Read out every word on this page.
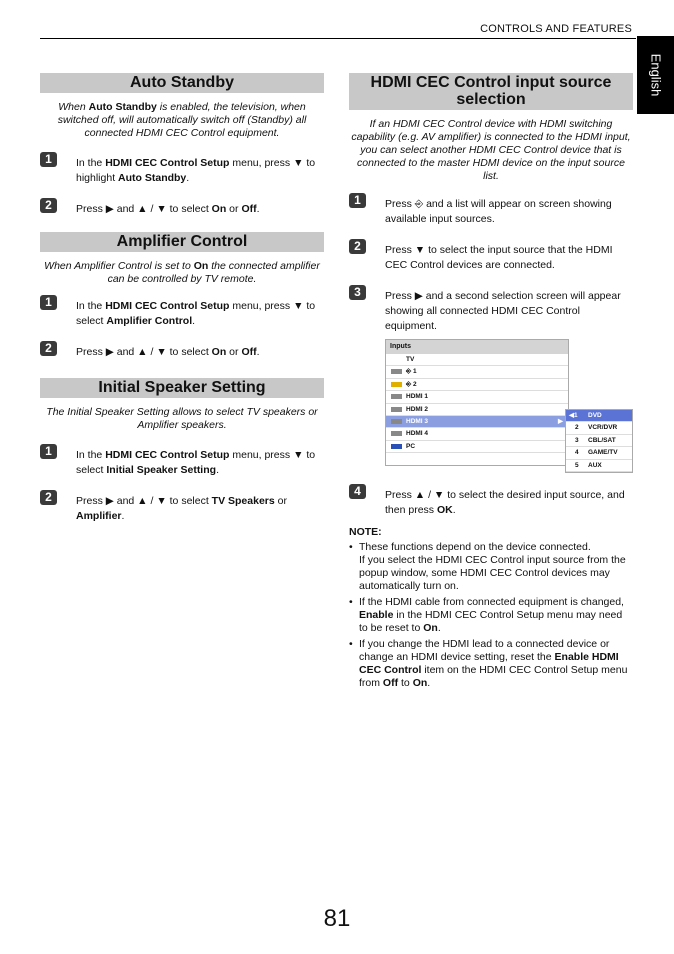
CONTROLS AND FEATURES
English
Auto Standby
When Auto Standby is enabled, the television, when switched off, will automatically switch off (Standby) all connected HDMI CEC Control equipment.
1	In the HDMI CEC Control Setup menu, press ▼ to highlight Auto Standby.
2	Press ▶ and ▲ / ▼ to select On or Off.
Amplifier Control
When Amplifier Control is set to On the connected amplifier can be controlled by TV remote.
1	In the HDMI CEC Control Setup menu, press ▼ to select Amplifier Control.
2	Press ▶ and ▲ / ▼ to select On or Off.
Initial Speaker Setting
The Initial Speaker Setting allows to select TV speakers or Amplifier speakers.
1	In the HDMI CEC Control Setup menu, press ▼ to select Initial Speaker Setting.
2	Press ▶ and ▲ / ▼ to select TV Speakers or Amplifier.
HDMI CEC Control input source selection
If an HDMI CEC Control device with HDMI switching capability (e.g. AV amplifier) is connected to the HDMI input, you can select another HDMI CEC Control device that is connected to the master HDMI device on the input source list.
1	Press ⎆ and a list will appear on screen showing available input sources.
2	Press ▼ to select the input source that the HDMI CEC Control devices are connected.
3	Press ▶ and a second selection screen will appear showing all connected HDMI CEC Control equipment.
Inputs
TV
⎆ 1
⎆ 2
HDMI 1
HDMI 2
HDMI 3	▶
HDMI 4
PC
◀1 DVD
2 VCR/DVR
3 CBL/SAT
4 GAME/TV
5 AUX
4	Press ▲ / ▼ to select the desired input source, and then press OK.
NOTE:
• These functions depend on the device connected.
If you select the HDMI CEC Control input source from the popup window, some HDMI CEC Control devices may automatically turn on.
• If the HDMI cable from connected equipment is changed, Enable in the HDMI CEC Control Setup menu may need to be reset to On.
• If you change the HDMI lead to a connected device or change an HDMI device setting, reset the Enable HDMI CEC Control item on the HDMI CEC Control Setup menu from Off to On.
81
